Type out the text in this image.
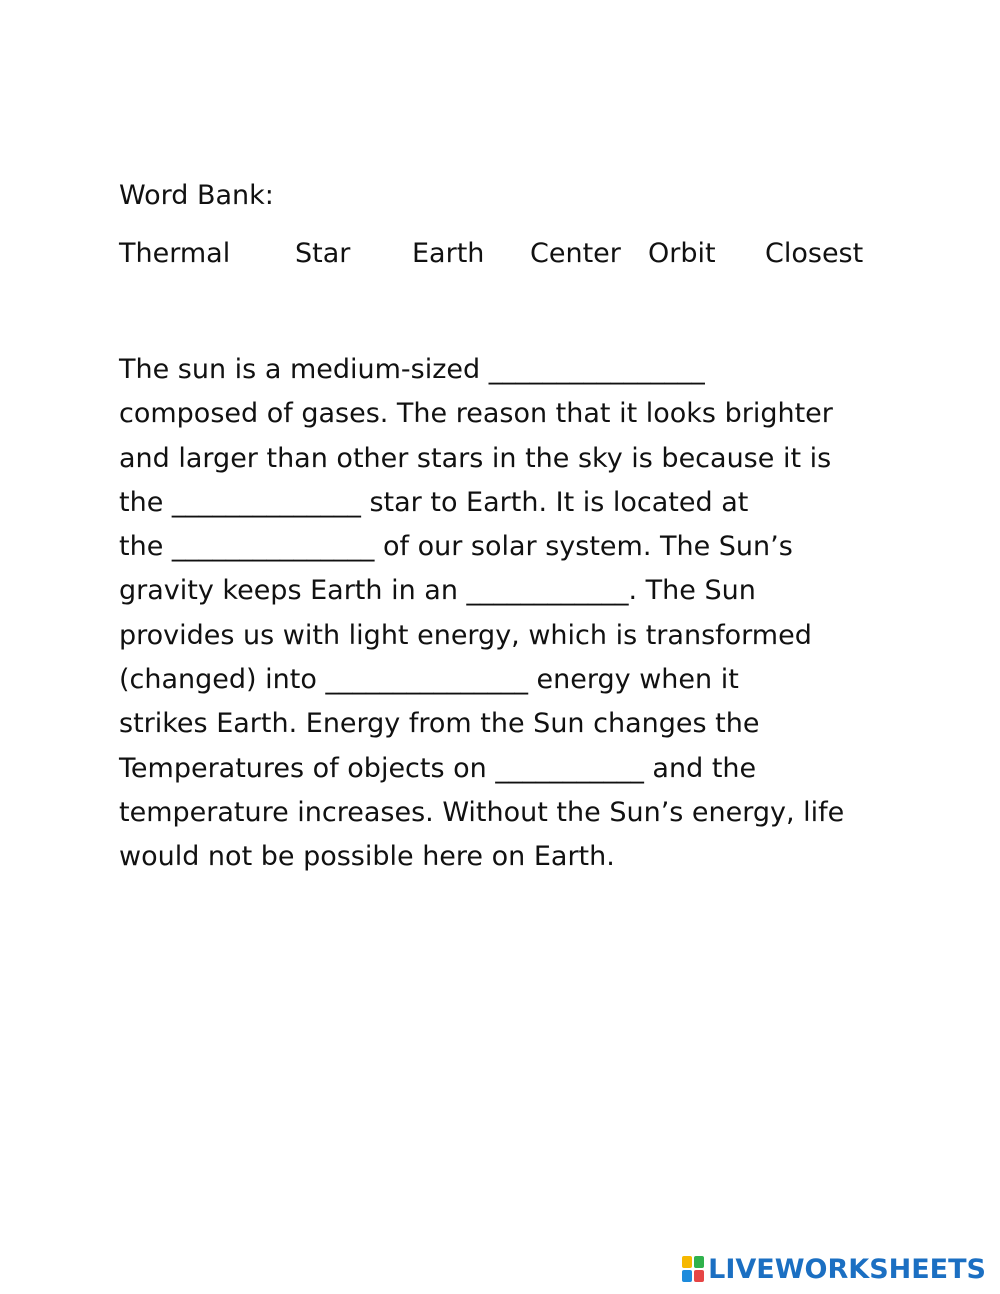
Word Bank:
Thermal Star Earth Center Orbit Closest
The sun is a medium-sized ________________
composed of gases. The reason that it looks brighter
and larger than other stars in the sky is because it is
the ______________ star to Earth. It is located at
the _______________ of our solar system. The Sun’s
gravity keeps Earth in an ____________. The Sun
provides us with light energy, which is transformed
(changed) into _______________ energy when it
strikes Earth. Energy from the Sun changes the
Temperatures of objects on ___________ and the
temperature increases. Without the Sun’s energy, life
would not be possible here on Earth.
LIVEWORKSHEETS
